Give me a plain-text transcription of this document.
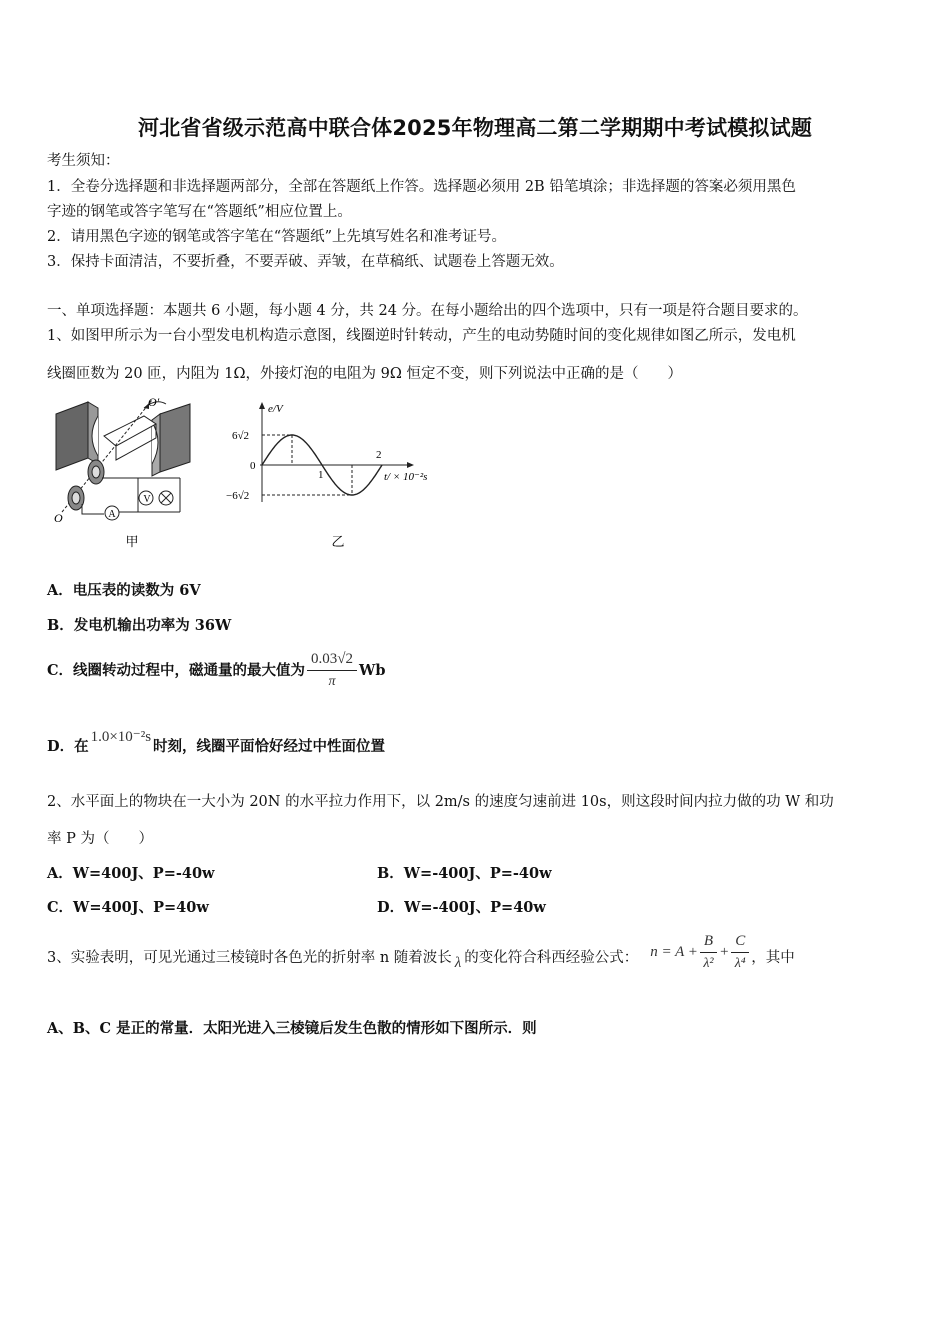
河北省省级示范高中联合体2025年物理高二第二学期期中考试模拟试题
考生须知：
1．全卷分选择题和非选择题两部分，全部在答题纸上作答。选择题必须用 2B 铅笔填涂；非选择题的答案必须用黑色
字迹的钢笔或答字笔写在“答题纸”相应位置上。
2．请用黑色字迹的钢笔或答字笔在“答题纸”上先填写姓名和准考证号。
3．保持卡面清洁，不要折叠，不要弄破、弄皱，在草稿纸、试题卷上答题无效。
一、单项选择题：本题共 6 小题，每小题 4 分，共 24 分。在每小题给出的四个选项中，只有一项是符合题目要求的。
1、如图甲所示为一台小型发电机构造示意图，线圈逆时针转动，产生的电动势随时间的变化规律如图乙所示，发电机
线圈匝数为 20 匝，内阻为 1Ω，外接灯泡的电阻为 9Ω 恒定不变，则下列说法中正确的是（　　）
V
A
O′
O
甲
e/V
6√2
0
−6√2
1
2
t/ × 10⁻²s
乙
A．电压表的读数为 6V
B．发电机输出功率为 36W
C．线圈转动过程中，磁通量的最大值为 $\frac{0.03√2}{\pi}$ Wb
D．在1.0×10⁻²s时刻，线圈平面恰好经过中性面位置
2、水平面上的物块在一大小为 20N 的水平拉力作用下，以 2m/s 的速度匀速前进 10s，则这段时间内拉力做的功 W 和功
率 P 为（　　）
A．W=400J、P=-40w	B．W=-400J、P=-40w
C．W=400J、P=40w	D．W=-400J、P=40w
3、实验表明，可见光通过三棱镜时各色光的折射率 n 随着波长 λ 的变化符合科西经验公式： $n = A + \frac{B}{\text{λ²}} + \frac{C}{\text{λ⁴}}$ ，其中
A、B、C 是正的常量．太阳光进入三棱镜后发生色散的情形如下图所示．则
